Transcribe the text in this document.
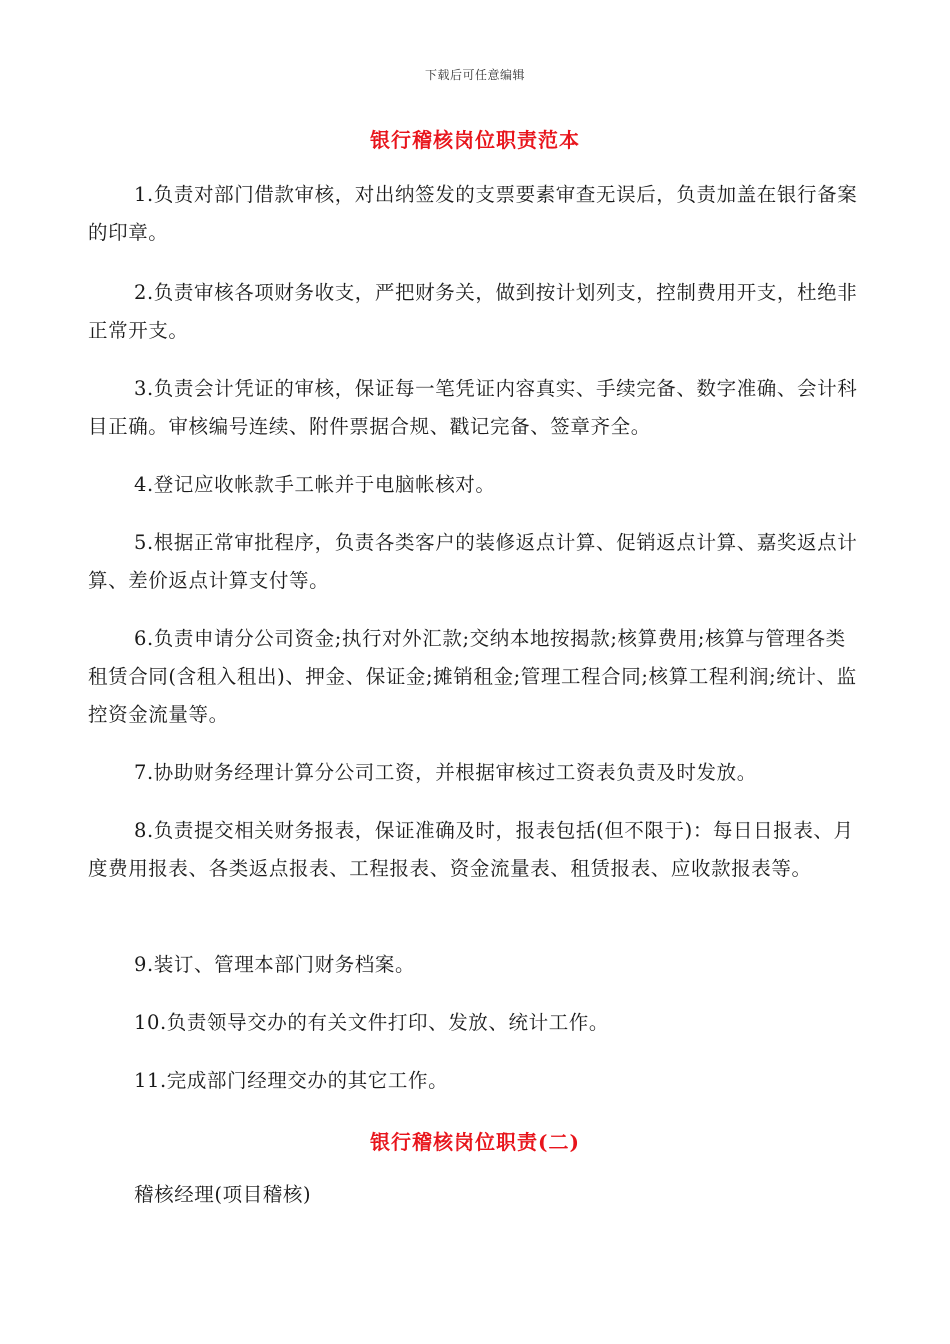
下载后可任意编辑
银行稽核岗位职责范本
1.负责对部门借款审核，对出纳签发的支票要素审查无误后，负责加盖在银行备案的印章。
2.负责审核各项财务收支，严把财务关，做到按计划列支，控制费用开支，杜绝非正常开支。
3.负责会计凭证的审核，保证每一笔凭证内容真实、手续完备、数字准确、会计科目正确。审核编号连续、附件票据合规、戳记完备、签章齐全。
4.登记应收帐款手工帐并于电脑帐核对。
5.根据正常审批程序，负责各类客户的装修返点计算、促销返点计算、嘉奖返点计算、差价返点计算支付等。
6.负责申请分公司资金;执行对外汇款;交纳本地按揭款;核算费用;核算与管理各类租赁合同(含租入租出)、押金、保证金;摊销租金;管理工程合同;核算工程利润;统计、监控资金流量等。
7.协助财务经理计算分公司工资，并根据审核过工资表负责及时发放。
8.负责提交相关财务报表，保证准确及时，报表包括(但不限于)：每日日报表、月度费用报表、各类返点报表、工程报表、资金流量表、租赁报表、应收款报表等。
9.装订、管理本部门财务档案。
10.负责领导交办的有关文件打印、发放、统计工作。
11.完成部门经理交办的其它工作。
银行稽核岗位职责(二)
稽核经理(项目稽核)
